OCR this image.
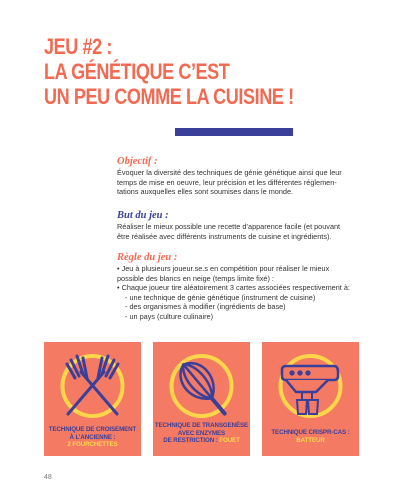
JEU #2 :
LA GÉNÉTIQUE C’EST
UN PEU COMME LA CUISINE !
Objectif :
Évoquer la diversité des techniques de génie génétique ainsi que leur
temps de mise en oeuvre, leur précision et les différentes réglemen-
tations auxquelles elles sont soumises dans le monde.
But du jeu :
Réaliser le mieux possible une recette d’apparence facile (et pouvant
être réalisée avec différents instruments de cuisine et ingrédients).
Règle du jeu :
• Jeu à plusieurs joueur.se.s en compétition pour réaliser le mieux
possible des blancs en neige (temps limite fixé) :
• Chaque joueur tire aléatoirement 3 cartes associées respectivement à:
- une technique de génie génétique (instrument de cuisine)
- des organismes à modifier (ingrédients de base)
- un pays (culture culinaire)
TECHNIQUE DE CROISEMENT
À L’ANCIENNE :
2 FOURCHETTES
TECHNIQUE DE TRANSGENÈSE
AVEC ENZYMES
DE RESTRICTION : FOUET
TECHNIQUE CRISPR-CAS :
BATTEUR
48
